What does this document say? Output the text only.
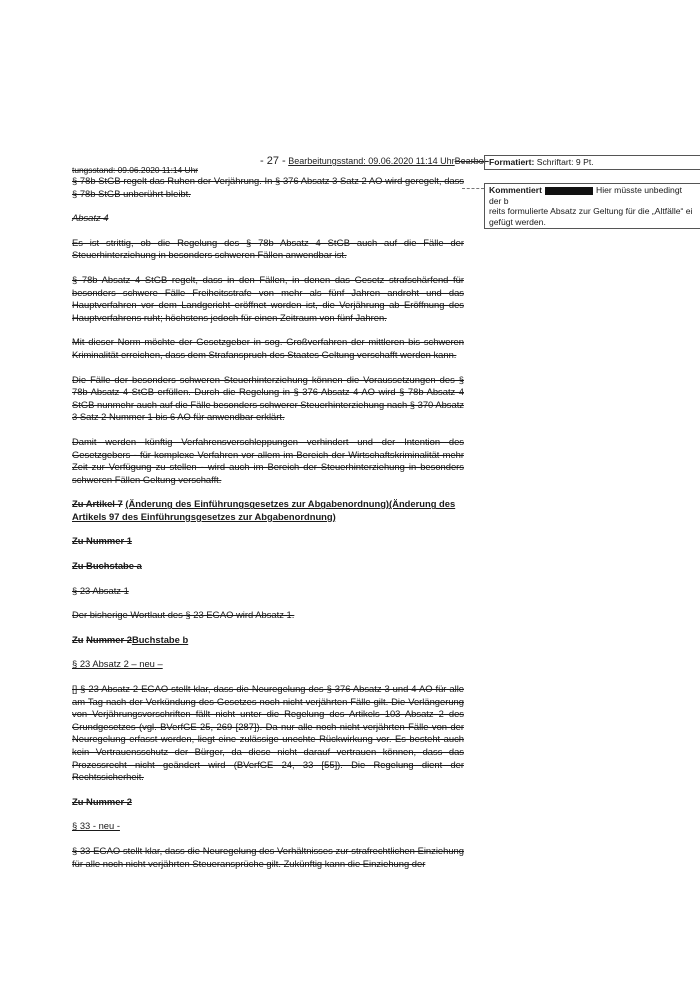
- 27 - Bearbeitungsstand: 09.06.2020 11:14 UhrBearbei-
tungsstand: 09.06.2020 11:14 Uhr

§ 78b StGB regelt das Ruhen der Verjährung. In § 376 Absatz 3 Satz 2 AO wird geregelt, dass § 78b StGB unberührt bleibt.

Absatz 4

Es ist strittig, ob die Regelung des § 78b Absatz 4 StGB auch auf die Fälle der Steuerhinterziehung in besonders schweren Fällen anwendbar ist.

§ 78b Absatz 4 StGB regelt, dass in den Fällen, in denen das Gesetz strafschärfend für besonders schwere Fälle Freiheitsstrafe von mehr als fünf Jahren androht und das Hauptverfahren vor dem Landgericht eröffnet worden ist, die Verjährung ab Eröffnung des Hauptverfahrens ruht; höchstens jedoch für einen Zeitraum von fünf Jahren.

Mit dieser Norm möchte der Gesetzgeber in sog. Großverfahren der mittleren bis schweren Kriminalität erreichen, dass dem Strafanspruch des Staates Geltung verschafft werden kann.

Die Fälle der besonders schweren Steuerhinterziehung können die Voraussetzungen des § 78b Absatz 4 StGB erfüllen. Durch die Regelung in § 376 Absatz 4 AO wird § 78b Absatz 4 StGB nunmehr auch auf die Fälle besonders schwerer Steuerhinterziehung nach § 370 Absatz 3 Satz 2 Nummer 1 bis 6 AO für anwendbar erklärt.

Damit werden künftig Verfahrensverschleppungen verhindert und der Intention des Gesetzgebers - für komplexe Verfahren vor allem im Bereich der Wirtschaftskriminalität mehr Zeit zur Verfügung zu stellen - wird auch im Bereich der Steuerhinterziehung in besonders schweren Fällen Geltung verschafft.

Zu Artikel 7 (Änderung des Einführungsgesetzes zur Abgabenordnung)(Änderung des Artikels 97 des Einführungsgesetzes zur Abgabenordnung)
Zu Nummer 1
Zu Buchstabe a
§ 23 Absatz 1

Der bisherige Wortlaut des § 23 EGAO wird Absatz 1.

Zu Nummer 2Buchstabe b
§ 23 Absatz 2 – neu –

[] § 23 Absatz 2 EGAO stellt klar, dass die Neuregelung des § 376 Absatz 3 und 4 AO für alle am Tag nach der Verkündung des Gesetzes noch nicht verjährten Fälle gilt. Die Verlängerung von Verjährungsvorschriften fällt nicht unter die Regelung des Artikels 103 Absatz 2 des Grundgesetzes (vgl. BVerfGE 25, 269 [287]). Da nur alle noch nicht verjährten Fälle von der Neuregelung erfasst werden, liegt eine zulässige unechte Rückwirkung vor. Es besteht auch kein Vertrauensschutz der Bürger, da diese nicht darauf vertrauen können, dass das Prozessrecht nicht geändert wird (BVerfGE 24, 33 [55]). Die Regelung dient der Rechtssicherheit.

Zu Nummer 2
§ 33 - neu -

§ 33 EGAO stellt klar, dass die Neuregelung des Verhältnisses zur strafrechtlichen Einziehung für alle noch nicht verjährten Steueransprüche gilt. Zukünftig kann die Einziehung der

Formatiert: Schriftart: 9 Pt.
Kommentiert	Hier müsste unbedingt der b
reits formulierte Absatz zur Geltung für die „Altfälle“ ei
gefügt werden.
